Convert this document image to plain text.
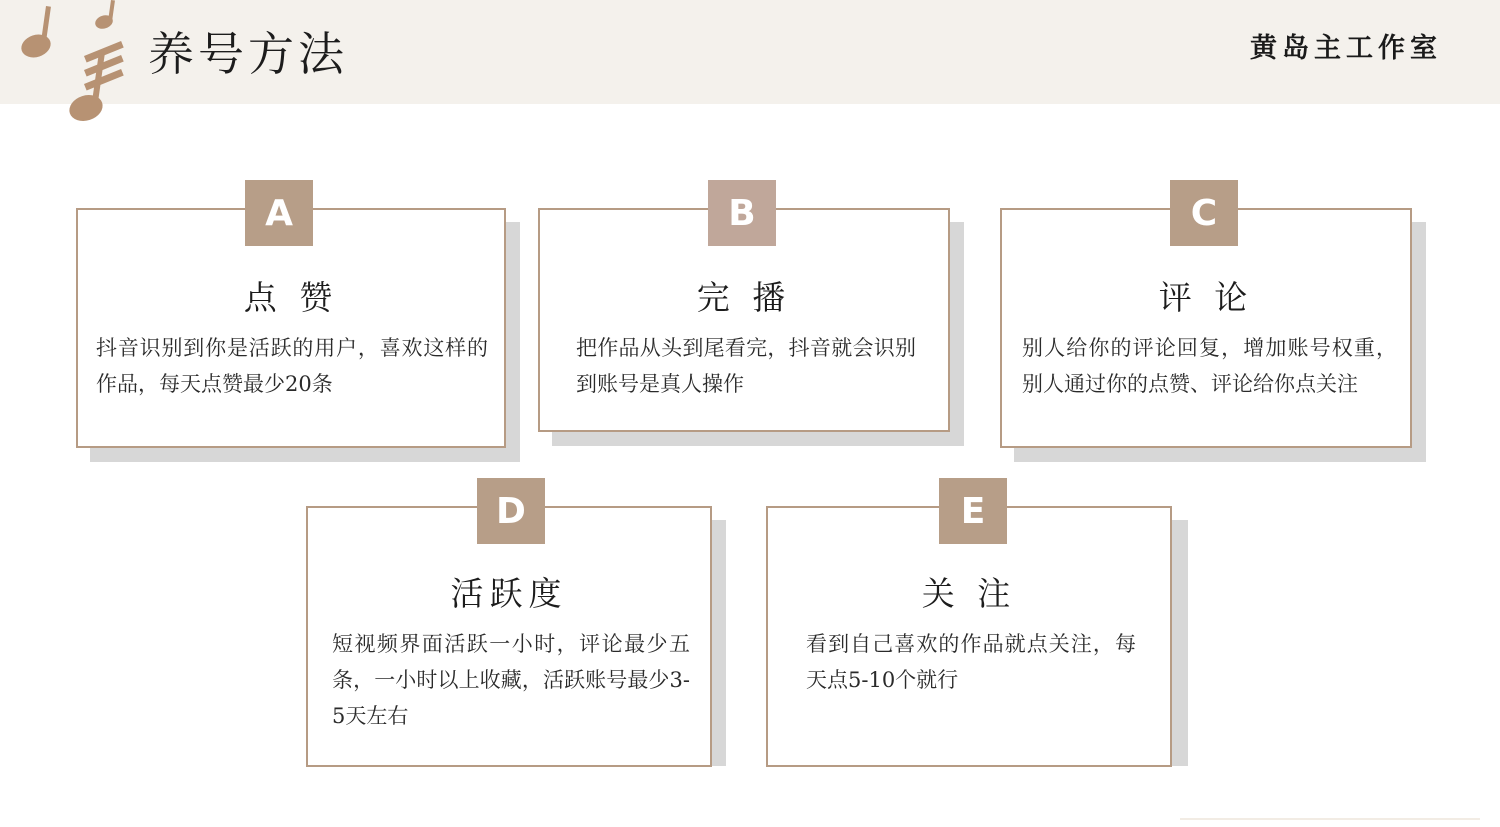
养号方法	黄岛主工作室
点 赞
抖音识别到你是活跃的用户，喜欢这样的作品，每天点赞最少20条
A
完 播
把作品从头到尾看完，抖音就会识别到账号是真人操作
B
评 论
别人给你的评论回复，增加账号权重，别人通过你的点赞、评论给你点关注
C
活跃度
短视频界面活跃一小时，评论最少五条，一小时以上收藏，活跃账号最少3-5天左右
D
关 注
看到自己喜欢的作品就点关注，每天点5-10个就行
E
